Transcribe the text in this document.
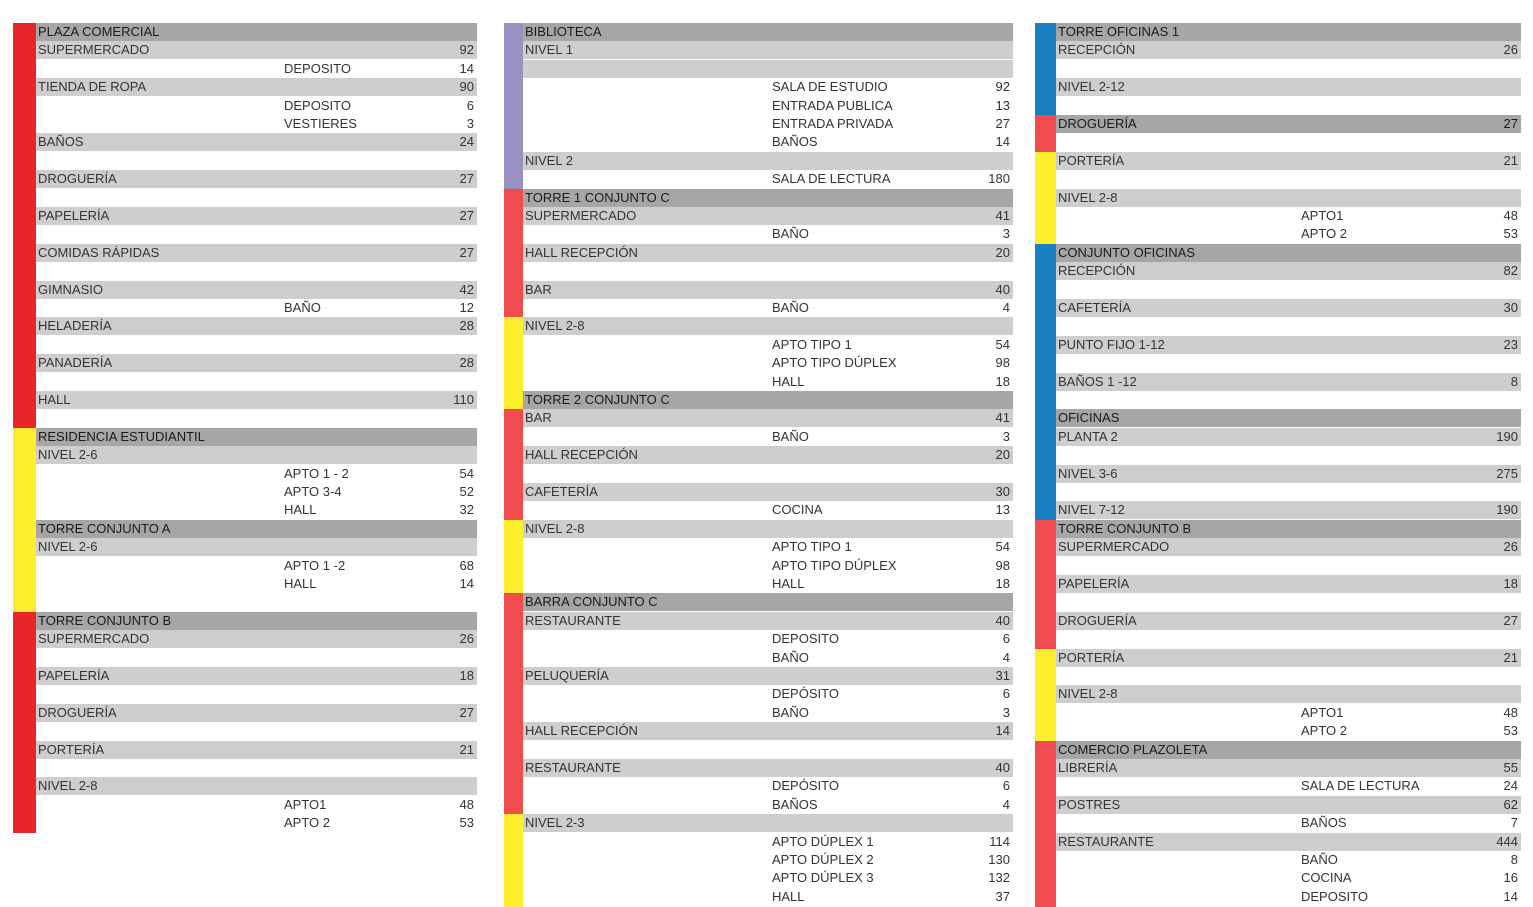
PLAZA COMERCIAL
SUPERMERCADO	92
DEPOSITO	14
TIENDA DE ROPA	90
DEPOSITO	6
VESTIERES	3
BAÑOS	24
DROGUERÍA	27
PAPELERÍA	27
COMIDAS RÁPIDAS	27
GIMNASIO	42
BAÑO	12
HELADERÍA	28
PANADERÍA	28
HALL	110
RESIDENCIA ESTUDIANTIL
NIVEL 2-6
APTO 1 - 2	54
APTO 3-4	52
HALL	32
TORRE CONJUNTO A
NIVEL 2-6
APTO 1 -2	68
HALL	14
TORRE CONJUNTO B
SUPERMERCADO	26
PAPELERÍA	18
DROGUERÍA	27
PORTERÍA	21
NIVEL 2-8
APTO1	48
APTO 2	53
BIBLIOTECA
NIVEL 1
SALA DE ESTUDIO	92
ENTRADA PUBLICA	13
ENTRADA PRIVADA	27
BAÑOS	14
NIVEL 2
SALA DE LECTURA	180
TORRE 1 CONJUNTO C
SUPERMERCADO	41
BAÑO	3
HALL RECEPCIÓN	20
BAR	40
BAÑO	4
NIVEL 2-8
APTO TIPO 1	54
APTO TIPO DÚPLEX	98
HALL	18
TORRE 2 CONJUNTO C
BAR	41
BAÑO	3
HALL RECEPCIÓN	20
CAFETERÍA	30
COCINA	13
NIVEL 2-8
APTO TIPO 1	54
APTO TIPO DÚPLEX	98
HALL	18
BARRA CONJUNTO C
RESTAURANTE	40
DEPOSITO	6
BAÑO	4
PELUQUERÍA	31
DEPÓSITO	6
BAÑO	3
HALL RECEPCIÓN	14
RESTAURANTE	40
DEPÓSITO	6
BAÑOS	4
NIVEL 2-3
APTO DÚPLEX 1	114
APTO DÚPLEX 2	130
APTO DÚPLEX 3	132
HALL	37
TORRE OFICINAS 1
RECEPCIÓN	26
NIVEL 2-12
DROGUERÍA	27
PORTERÍA	21
NIVEL 2-8
APTO1	48
APTO 2	53
CONJUNTO OFICINAS
RECEPCIÓN	82
CAFETERÍA	30
PUNTO FIJO 1-12	23
BAÑOS 1 -12	8
OFICINAS
PLANTA 2	190
NIVEL 3-6	275
NIVEL 7-12	190
TORRE CONJUNTO B
SUPERMERCADO	26
PAPELERÍA	18
DROGUERÍA	27
PORTERÍA	21
NIVEL 2-8
APTO1	48
APTO 2	53
COMERCIO PLAZOLETA
LIBRERÍA	55
SALA DE LECTURA	24
POSTRES	62
BAÑOS	7
RESTAURANTE	444
BAÑO	8
COCINA	16
DEPOSITO	14
